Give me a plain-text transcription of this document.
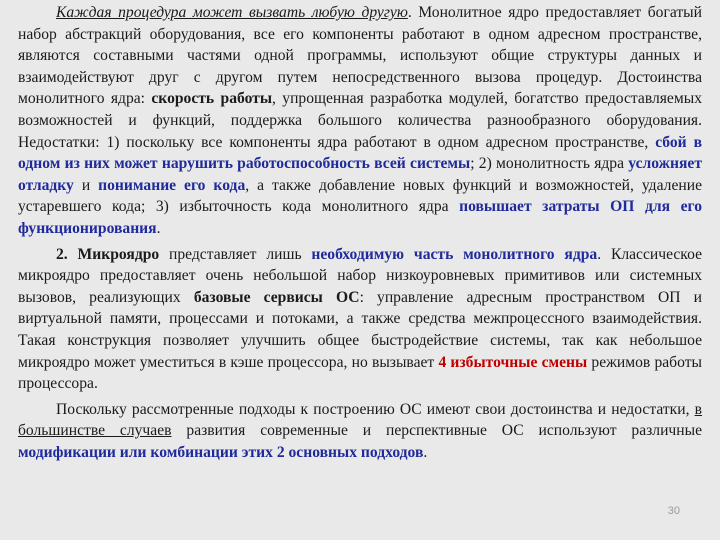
Каждая процедура может вызвать любую другую. Монолитное ядро предоставляет богатый набор абстракций оборудования, все его компоненты работают в одном адресном пространстве, являются составными частями одной программы, используют общие структуры данных и взаимодействуют друг с другом путем непосредственного вызова процедур. Достоинства монолитного ядра: скорость работы, упрощенная разработка модулей, богатство предоставляемых возможностей и функций, поддержка большого количества разнообразного оборудования. Недостатки: 1) поскольку все компоненты ядра работают в одном адресном пространстве, сбой в одном из них может нарушить работоспособность всей системы; 2) монолитность ядра усложняет отладку и понимание его кода, а также добавление новых функций и возможностей, удаление устаревшего кода; 3) избыточность кода монолитного ядра повышает затраты ОП для его функционирования.

2. Микроядро представляет лишь необходимую часть монолитного ядра. Классическое микроядро предоставляет очень небольшой набор низкоуровневых примитивов или системных вызовов, реализующих базовые сервисы ОС: управление адресным пространством ОП и виртуальной памяти, процессами и потоками, а также средства межпроцессного взаимодействия. Такая конструкция позволяет улучшить общее быстродействие системы, так как небольшое микроядро может уместиться в кэше процессора, но вызывает 4 избыточные смены режимов работы процессора.

Поскольку рассмотренные подходы к построению ОС имеют свои достоинства и недостатки, в большинстве случаев развития современные и перспективные ОС используют различные модификации или комбинации этих 2 основных подходов.

30
